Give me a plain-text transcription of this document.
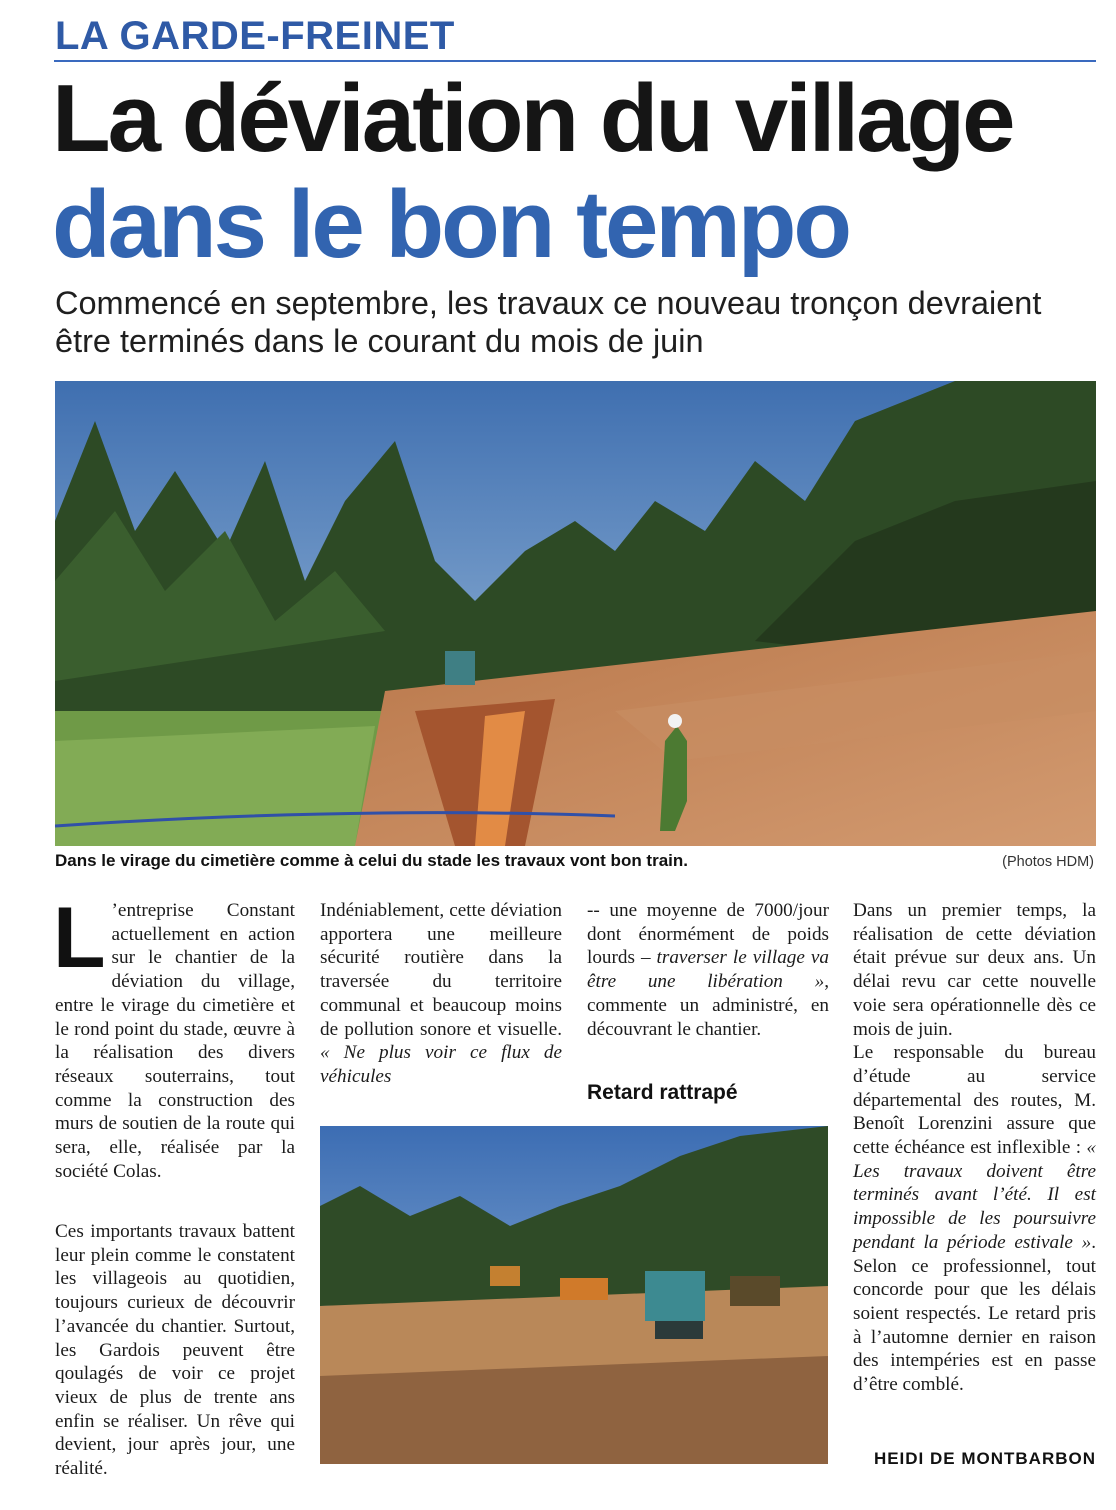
LA GARDE-FREINET
La déviation du village
dans le bon tempo
Commencé en septembre, les travaux ce nouveau tronçon devraient être terminés dans le courant du mois de juin
Dans le virage du cimetière comme à celui du stade les travaux vont bon train.	(Photos HDM)

L ’entreprise Constant actuellement en action sur le chantier de la déviation du village, entre le virage du cimetière et le rond point du stade, œuvre à la réalisation des divers réseaux souterrains, tout comme la construction des murs de soutien de la route qui sera, elle, réalisée par la société Colas.

Ces importants travaux battent leur plein comme le constatent les villageois au quotidien, toujours curieux de découvrir l’avancée du chantier. Surtout, les Gardois peuvent être qoulagés de voir ce projet vieux de plus de trente ans enfin se réaliser. Un rêve qui devient, jour après jour, une réalité.

Indéniablement, cette déviation apportera une meilleure sécurité routière dans la traversée du territoire communal et beaucoup moins de pollution sonore et visuelle. « Ne plus voir ce flux de véhicules

-- une moyenne de 7000/jour dont énormément de poids lourds – traverser le village va être une libération », commente un administré, en découvrant le chantier.

Retard rattrapé

Dans un premier temps, la réalisation de cette déviation était prévue sur deux ans. Un délai revu car cette nouvelle voie sera opérationnelle dès ce mois de juin.

Le responsable du bureau d’étude au service départemental des routes, M. Benoît Lorenzini assure que cette échéance est inflexible : « Les travaux doivent être terminés avant l’été. Il est impossible de les poursuivre pendant la période estivale ». Selon ce professionnel, tout concorde pour que les délais soient respectés. Le retard pris à l’automne dernier en raison des intempéries est en passe d’être comblé.

HEIDI DE MONTBARBON
